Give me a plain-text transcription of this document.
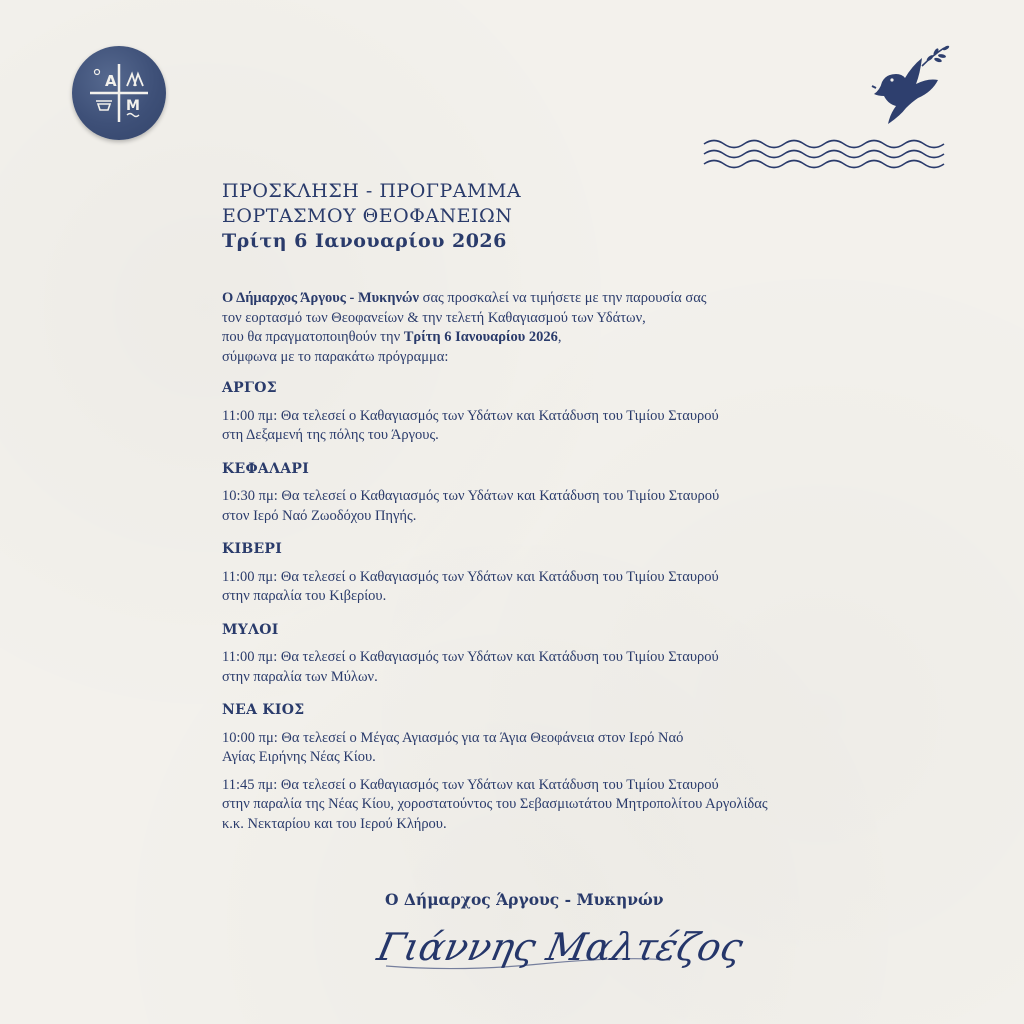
Α
Μ
ΠΡΟΣΚΛΗΣΗ - ΠΡΟΓΡΑΜΜΑ
ΕΟΡΤΑΣΜΟΥ ΘΕΟΦΑΝΕΙΩΝ
Τρίτη 6 Ιανουαρίου 2026
Ο Δήμαρχος Άργους - Μυκηνών σας προσκαλεί να τιμήσετε με την παρουσία σας
τον εορτασμό των Θεοφανείων & την τελετή Καθαγιασμού των Υδάτων,
που θα πραγματοποιηθούν την Τρίτη 6 Ιανουαρίου 2026,
σύμφωνα με το παρακάτω πρόγραμμα:
ΑΡΓΟΣ
11:00 πμ: Θα τελεσεί ο Καθαγιασμός των Υδάτων και Κατάδυση του Τιμίου Σταυρού
στη Δεξαμενή της πόλης του Άργους.
ΚΕΦΑΛΑΡΙ
10:30 πμ: Θα τελεσεί ο Καθαγιασμός των Υδάτων και Κατάδυση του Τιμίου Σταυρού
στον Ιερό Ναό Ζωοδόχου Πηγής.
ΚΙΒΕΡΙ
11:00 πμ: Θα τελεσεί ο Καθαγιασμός των Υδάτων και Κατάδυση του Τιμίου Σταυρού
στην παραλία του Κιβερίου.
ΜΥΛΟΙ
11:00 πμ: Θα τελεσεί ο Καθαγιασμός των Υδάτων και Κατάδυση του Τιμίου Σταυρού
στην παραλία των Μύλων.
ΝΕΑ ΚΙΟΣ
10:00 πμ: Θα τελεσεί ο Μέγας Αγιασμός για τα Άγια Θεοφάνεια στον Ιερό Ναό
Αγίας Ειρήνης Νέας Κίου.
11:45 πμ: Θα τελεσεί ο Καθαγιασμός των Υδάτων και Κατάδυση του Τιμίου Σταυρού
στην παραλία της Νέας Κίου, χοροστατούντος του Σεβασμιωτάτου Μητροπολίτου Αργολίδας
κ.κ. Νεκταρίου και του Ιερού Κλήρου.
Ο Δήμαρχος Άργους - Μυκηνών
Γιάννης Μαλτέζος
